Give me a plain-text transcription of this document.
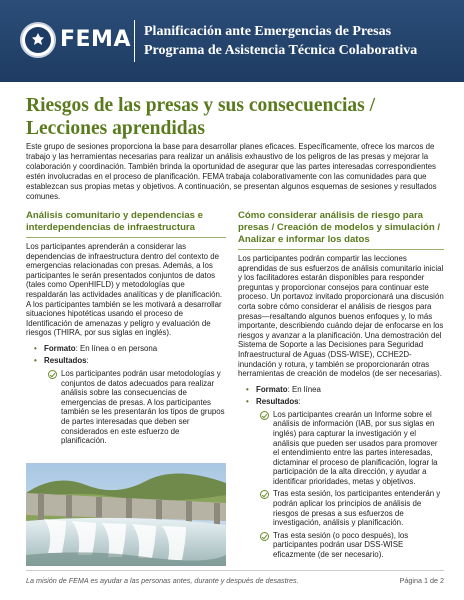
FEMA Planificación ante Emergencias de Presas
Programa de Asistencia Técnica Colaborativa
Riesgos de las presas y sus consecuencias /
Lecciones aprendidas
Este grupo de sesiones proporciona la base para desarrollar planes eficaces. Específicamente, ofrece los marcos de trabajo y las herramientas necesarias para realizar un análisis exhaustivo de los peligros de las presas y mejorar la colaboración y coordinación. También brinda la oportunidad de asegurar que las partes interesadas correspondientes estén involucradas en el proceso de planificación. FEMA trabaja colaborativamente con las comunidades para que establezcan sus propias metas y objetivos. A continuación, se presentan algunos esquemas de sesiones y resultados comunes.
Análisis comunitario y dependencias e interdependencias de infraestructura
Los participantes aprenderán a considerar las dependencias de infraestructura dentro del contexto de emergencias relacionadas con presas. Además, a los participantes le serán presentados conjuntos de datos (tales como OpenHIFLD) y metodologías que respaldarán las actividades analíticas y de planificación. A los participantes también se les motivará a desarrollar situaciones hipotéticas usando el proceso de Identificación de amenazas y peligro y evaluación de riesgos (THIRA, por sus siglas en inglés).
• Formato: En línea o en persona
• Resultados:
Los participantes podrán usar metodologías y conjuntos de datos adecuados para realizar análisis sobre las consecuencias de emergencias de presas. A los participantes también se les presentarán los tipos de grupos de partes interesadas que deben ser considerados en este esfuerzo de planificación.
Cómo considerar análisis de riesgo para presas / Creación de modelos y simulación / Analizar e informar los datos
Los participantes podrán compartir las lecciones aprendidas de sus esfuerzos de análisis comunitario inicial y los facilitadores estarán disponibles para responder preguntas y proporcionar consejos para continuar este proceso. Un portavoz invitado proporcionará una discusión corta sobre cómo considerar el análisis de riesgos para presas—resaltando algunos buenos enfoques y, lo más importante, describiendo cuándo dejar de enfocarse en los riesgos y avanzar a la planificación. Una demostración del Sistema de Soporte a las Decisiones para Seguridad Infraestructural de Aguas (DSS-WISE), CCHE2D-inundación y rotura, y también se proporcionarán otras herramientas de creación de modelos (de ser necesarias).
• Formato: En línea
• Resultados:
Los participantes crearán un Informe sobre el análisis de información (IAB, por sus siglas en inglés) para capturar la investigación y el análisis que pueden ser usados para promover el entendimiento entre las partes interesadas, dictaminar el proceso de planificación, lograr la participación de la alta dirección, y ayudar a identificar prioridades, metas y objetivos.
Tras esta sesión, los participantes entenderán y podrán aplicar los principios de análisis de riesgos de presas a sus esfuerzos de investigación, análisis y planificación.
Tras esta sesión (o poco después), los participantes podrán usar DSS-WISE eficazmente (de ser necesario).
La misión de FEMA es ayudar a las personas antes, durante y después de desastres.	Página 1 de 2
